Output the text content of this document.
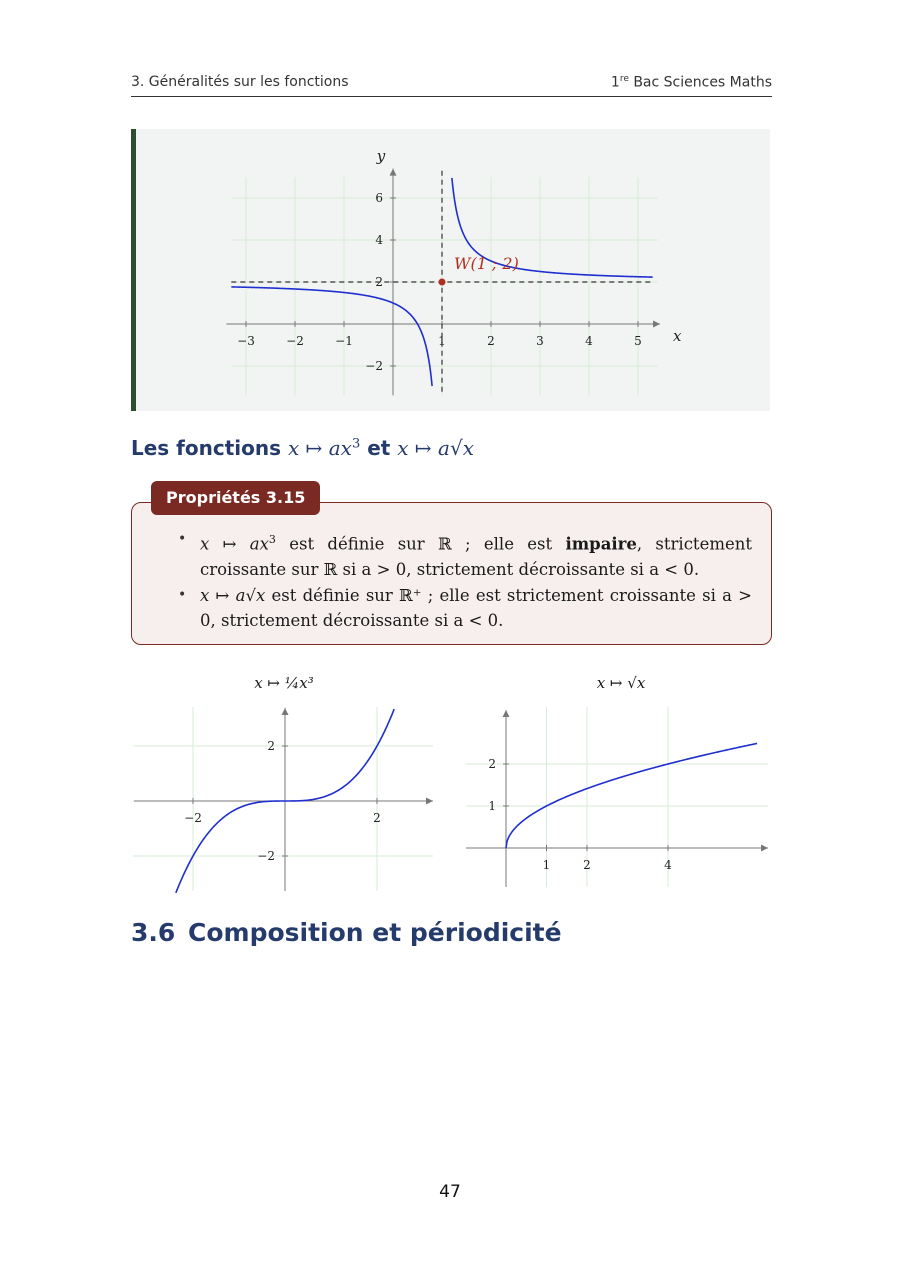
3. Généralités sur les fonctions	1re Bac Sciences Maths
x
y
−3	−2	−1	1	2	3	4	5
−2
2
4
6
W(1 ; 2)
Les fonctions x ↦ $ax^3$ et x ↦ a√x
• x ↦ $ax^3$ est définie sur ℝ ; elle est impaire, strictement croissante sur ℝ si a > 0, strictement décroissante si a < 0.
• x ↦ a√x est définie sur ℝ⁺ ; elle est strictement croissante si a > 0, strictement décroissante si a < 0.
Propriétés 3.15
x ↦ ¼x³
−2	2
−2
2
x ↦ √x
1	2	4
1
2
3.6 Composition et périodicité
47
